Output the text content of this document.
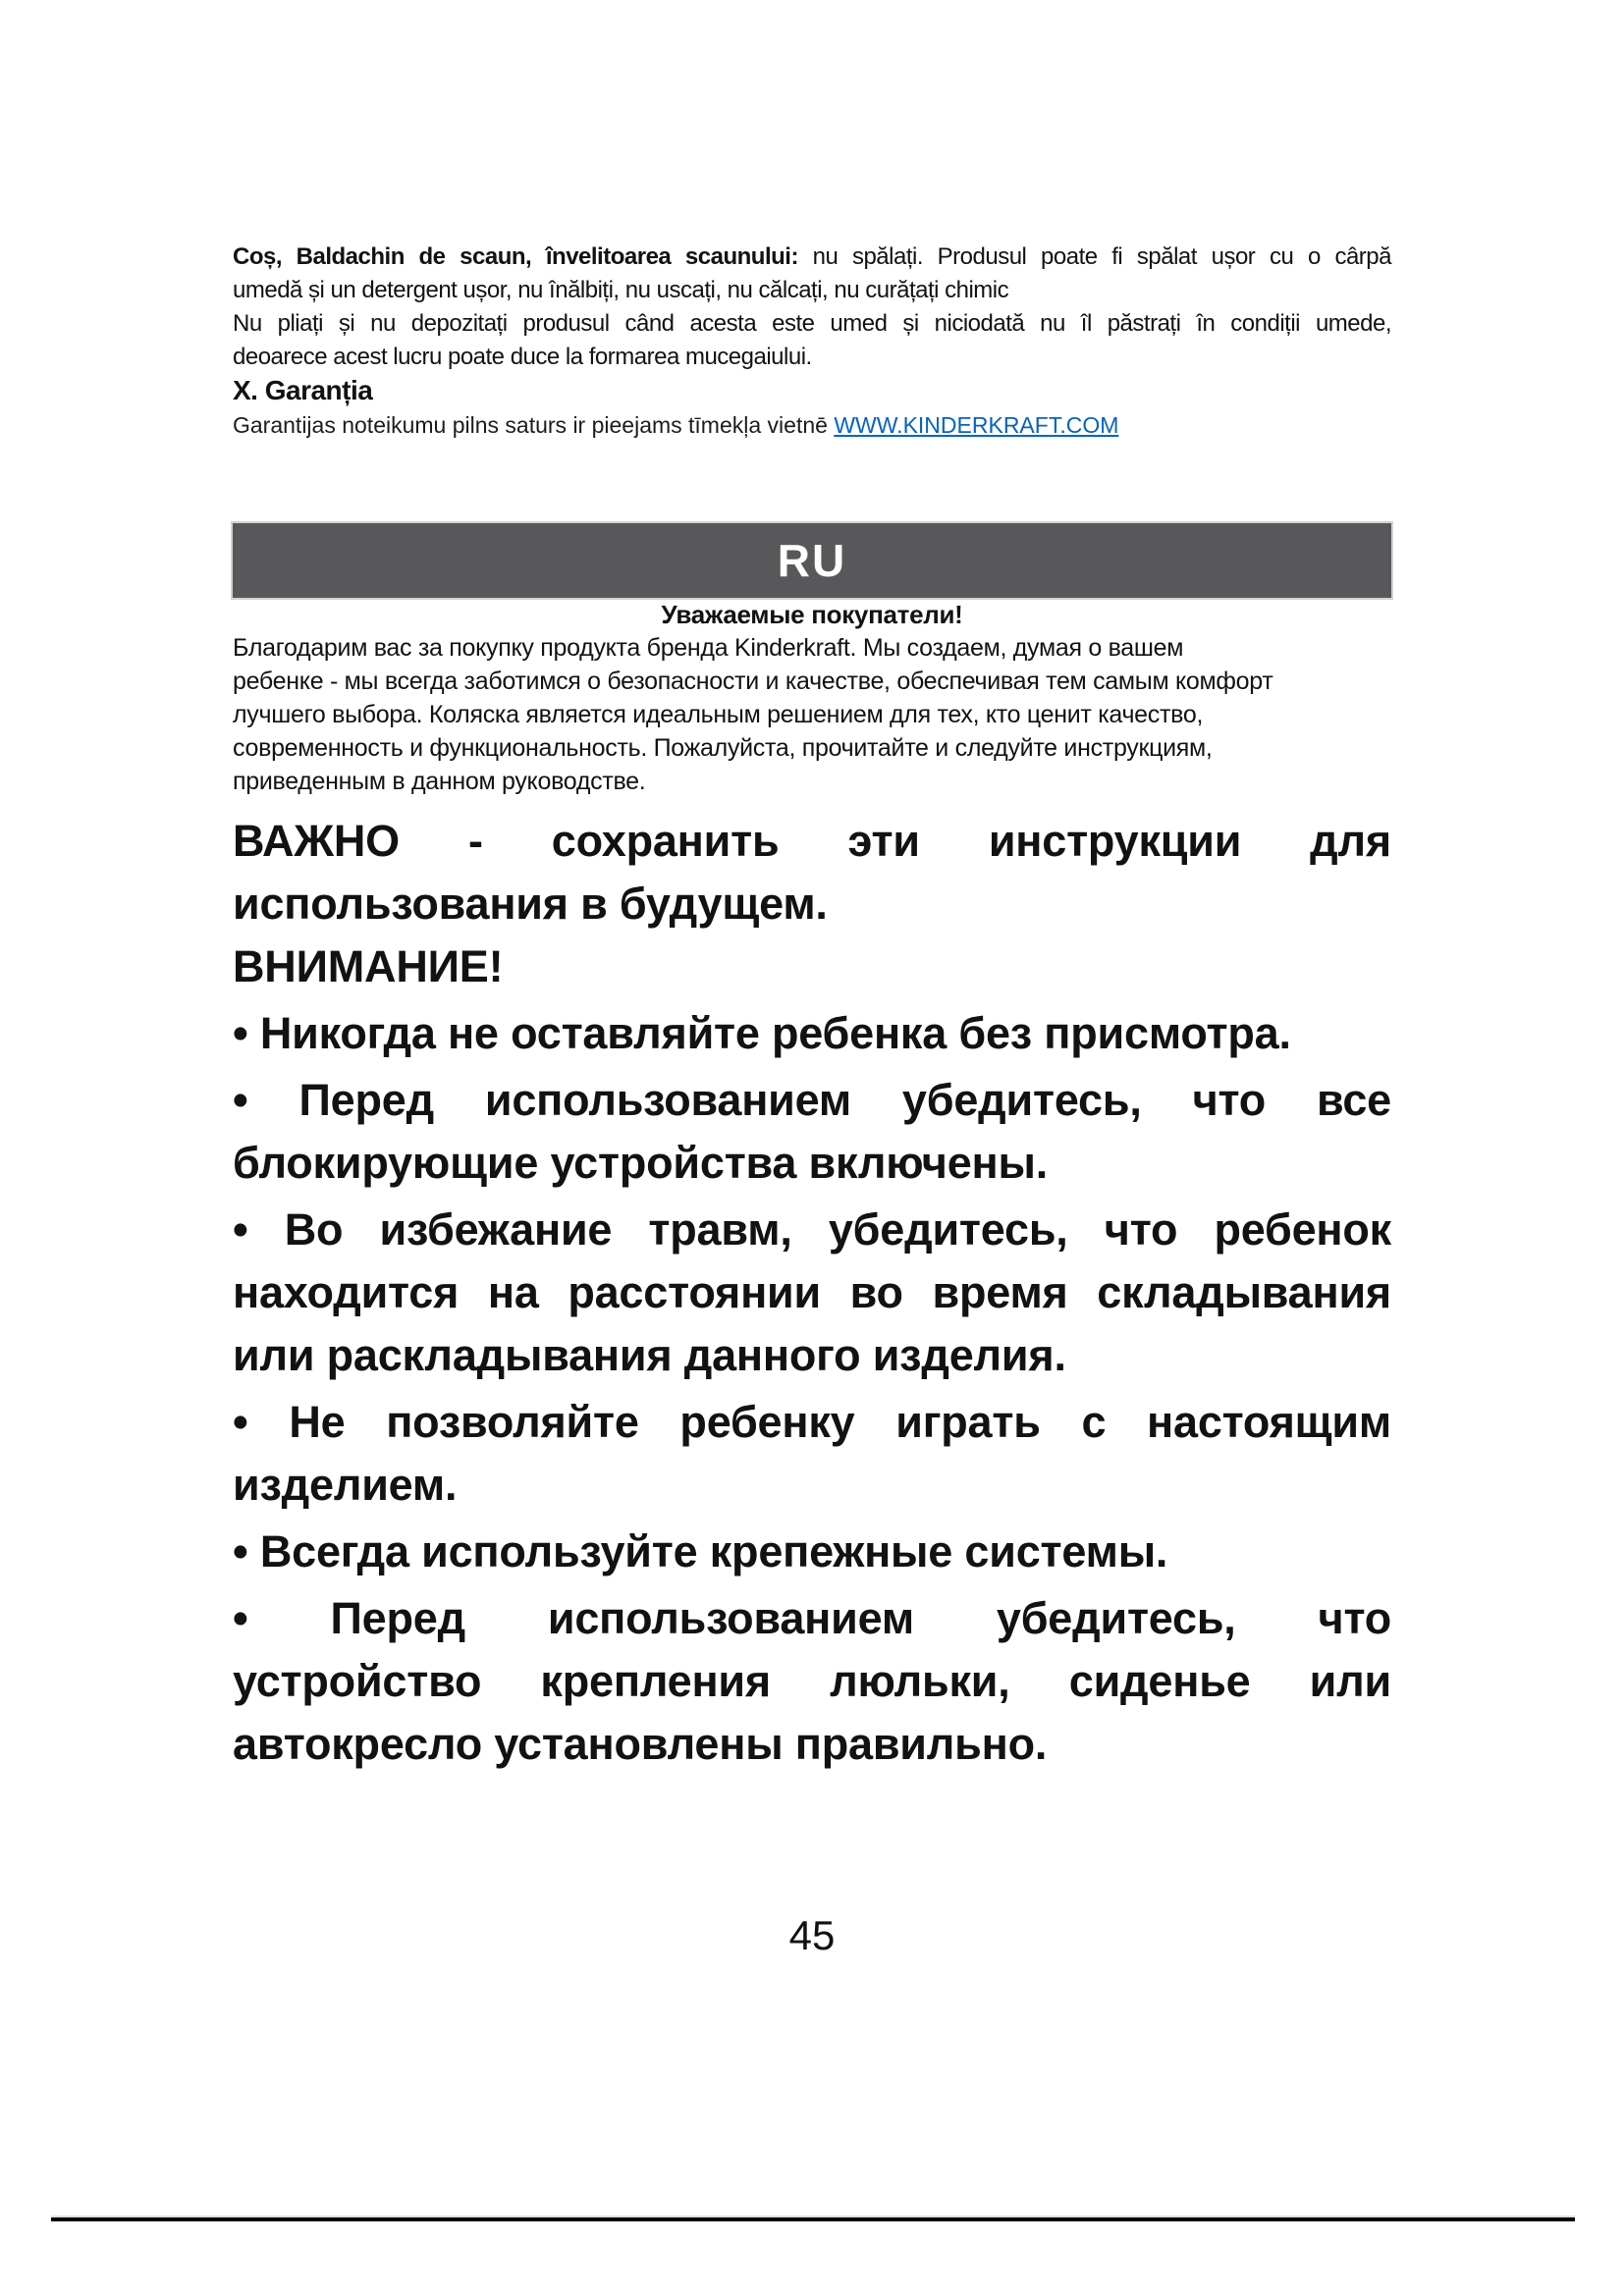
Coș, Baldachin de scaun, învelitoarea scaunului: nu spălați. Produsul poate fi spălat ușor cu o cârpă
umedă și un detergent ușor, nu înălbiți, nu uscați, nu călcați, nu curățați chimic
Nu pliați și nu depozitați produsul când acesta este umed și niciodată nu îl păstrați în condiții umede,
deoarece acest lucru poate duce la formarea mucegaiului.
X. Garanția

Garantijas noteikumu pilns saturs ir pieejams tīmekļa vietnē WWW.KINDERKRAFT.COM

RU
Уважаемые покупатели!
Благодарим вас за покупку продукта бренда Kinderkraft. Мы создаем, думая о вашем
ребенке - мы всегда заботимся о безопасности и качестве, обеспечивая тем самым комфорт
лучшего выбора. Коляска является идеальным решением для тех, кто ценит качество,
современность и функциональность. Пожалуйста, прочитайте и следуйте инструкциям,
приведенным в данном руководстве.
ВАЖНО - сохранить эти инструкции для
использования в будущем.
ВНИМАНИЕ!
• Никогда не оставляйте ребенка без присмотра.
• Перед использованием убедитесь, что все
блокирующие устройства включены.
• Во избежание травм, убедитесь, что ребенок
находится на расстоянии во время складывания
или раскладывания данного изделия.
• Не позволяйте ребенку играть с настоящим
изделием.
• Всегда используйте крепежные системы.
• Перед использованием убедитесь, что
устройство крепления люльки, сиденье или
автокресло установлены правильно.
45
